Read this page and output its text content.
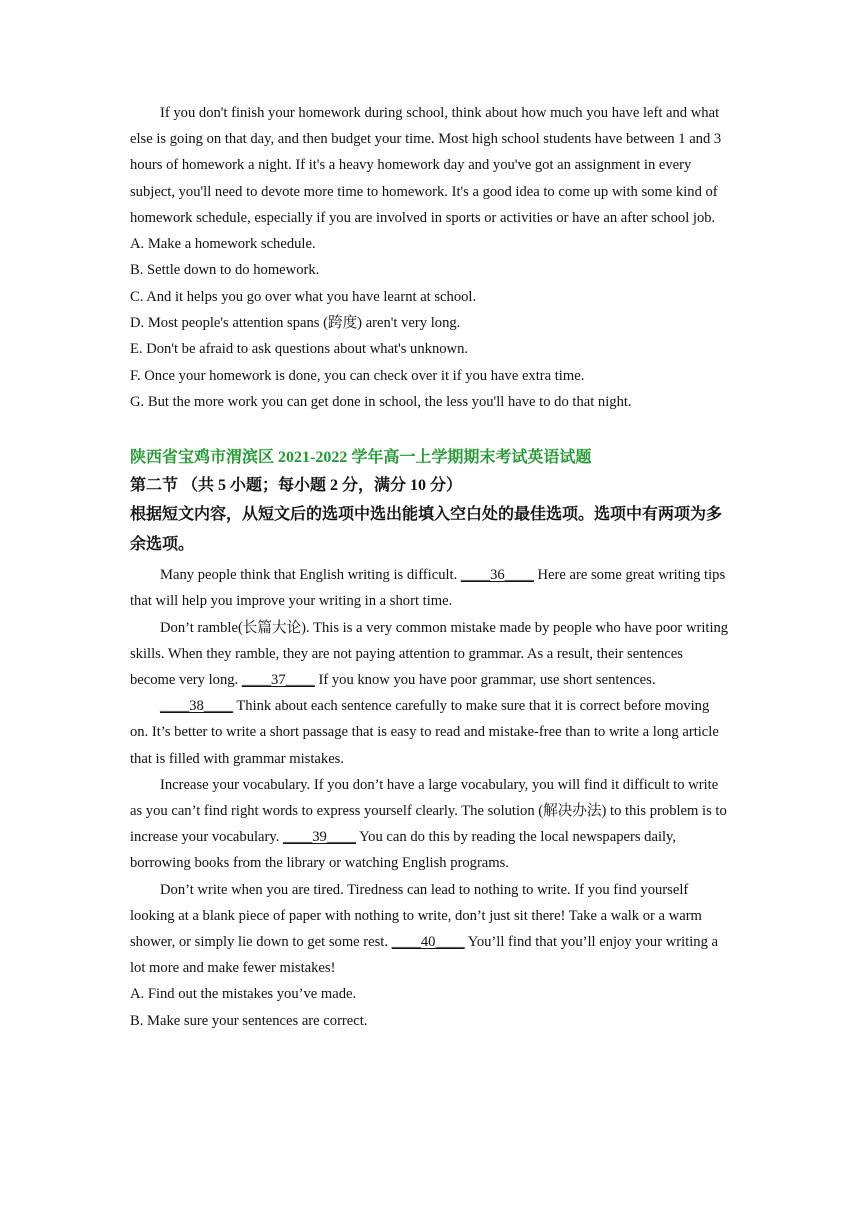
If you don't finish your homework during school, think about how much you have left and what else is going on that day, and then budget your time. Most high school students have between 1 and 3 hours of homework a night. If it's a heavy homework day and you've got an assignment in every subject, you'll need to devote more time to homework. It's a good idea to come up with some kind of homework schedule, especially if you are involved in sports or activities or have an after school job.

A. Make a homework schedule.

B. Settle down to do homework.

C. And it helps you go over what you have learnt at school.

D. Most people's attention spans (跨度) aren't very long.

E. Don't be afraid to ask questions about what's unknown.

F. Once your homework is done, you can check over it if you have extra time.

G. But the more work you can get done in school, the less you'll have to do that night.

陕西省宝鸡市渭滨区 2021-2022 学年高一上学期期末考试英语试题

第二节 （共 5 小题；每小题 2 分，满分 10 分）

根据短文内容，从短文后的选项中选出能填入空白处的最佳选项。选项中有两项为多余选项。

Many people think that English writing is difficult. ____36____ Here are some great writing tips that will help you improve your writing in a short time.

Don’t ramble(长篇大论). This is a very common mistake made by people who have poor writing skills. When they ramble, they are not paying attention to grammar. As a result, their sentences become very long. ____37____ If you know you have poor grammar, use short sentences.

____38____ Think about each sentence carefully to make sure that it is correct before moving on. It’s better to write a short passage that is easy to read and mistake-free than to write a long article that is filled with grammar mistakes.

Increase your vocabulary. If you don’t have a large vocabulary, you will find it difficult to write as you can’t find right words to express yourself clearly. The solution (解决办法) to this problem is to increase your vocabulary. ____39____ You can do this by reading the local newspapers daily, borrowing books from the library or watching English programs.

Don’t write when you are tired. Tiredness can lead to nothing to write. If you find yourself looking at a blank piece of paper with nothing to write, don’t just sit there! Take a walk or a warm shower, or simply lie down to get some rest. ____40____ You’ll find that you’ll enjoy your writing a lot more and make fewer mistakes!

A. Find out the mistakes you’ve made.

B. Make sure your sentences are correct.
